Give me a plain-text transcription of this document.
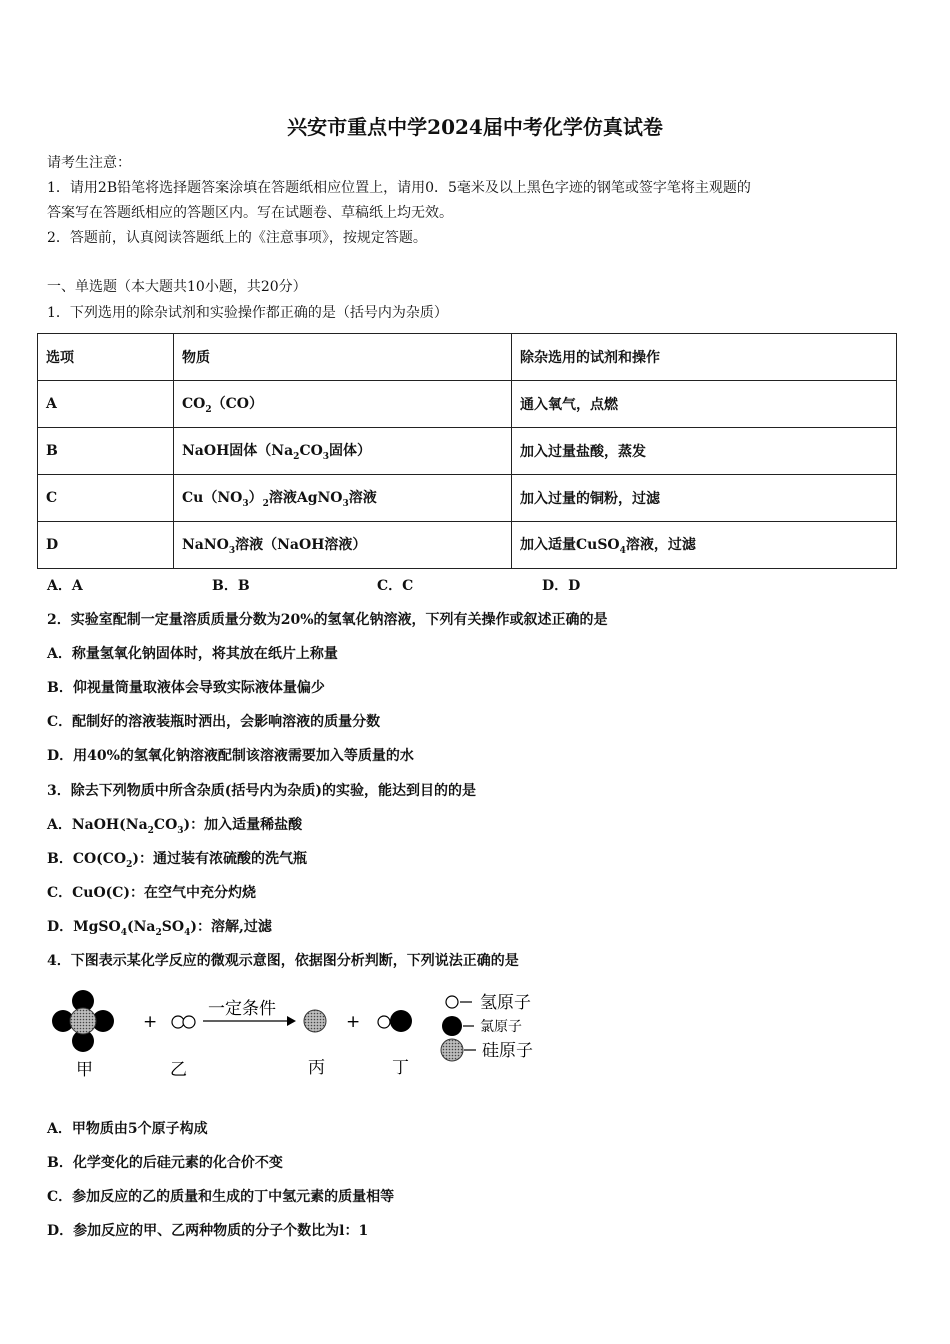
兴安市重点中学2024届中考化学仿真试卷
请考生注意：
1．请用2B铅笔将选择题答案涂填在答题纸相应位置上，请用0．5毫米及以上黑色字迹的钢笔或签字笔将主观题的
答案写在答题纸相应的答题区内。写在试题卷、草稿纸上均无效。
2．答题前，认真阅读答题纸上的《注意事项》，按规定答题。
一、单选题（本大题共10小题，共20分）
1．下列选用的除杂试剂和实验操作都正确的是（括号内为杂质）
选项	物质	除杂选用的试剂和操作
A	$CO_2(CO)$	通入氧气，点燃
B	NaOH固体（$Na_2CO_3$固体）	加入过量盐酸，蒸发
C	$Cu(NO_3)_2$溶液AgNO$_3$溶液	加入过量的铜粉，过滤
D	NaNO$_3$溶液（NaOH溶液）	加入适量CuSO$_4$溶液，过滤
A．A	B．B	C．C	D．D
2．实验室配制一定量溶质质量分数为20%的氢氧化钠溶液，下列有关操作或叙述正确的是
A．称量氢氧化钠固体时，将其放在纸片上称量
B．仰视量筒量取液体会导致实际液体量偏少
C．配制好的溶液装瓶时洒出，会影响溶液的质量分数
D．用40%的氢氧化钠溶液配制该溶液需要加入等质量的水
3．除去下列物质中所含杂质(括号内为杂质)的实验，能达到目的的是
A．$NaOH(Na_2CO_3)$：加入适量稀盐酸
B．$CO(CO_2)$：通过装有浓硫酸的洗气瓶
C．CuO(C)：在空气中充分灼烧
D．$MgSO_4(Na_2SO_4)$：溶解,过滤
4．下图表示某化学反应的微观示意图，依据图分析判断，下列说法正确的是
+
一定条件
+
甲	乙	丙	丁
氢原子
氯原子
硅原子
A．甲物质由5个原子构成
B．化学变化的后硅元素的化合价不变
C．参加反应的乙的质量和生成的丁中氢元素的质量相等
D．参加反应的甲、乙两种物质的分子个数比为l：1
